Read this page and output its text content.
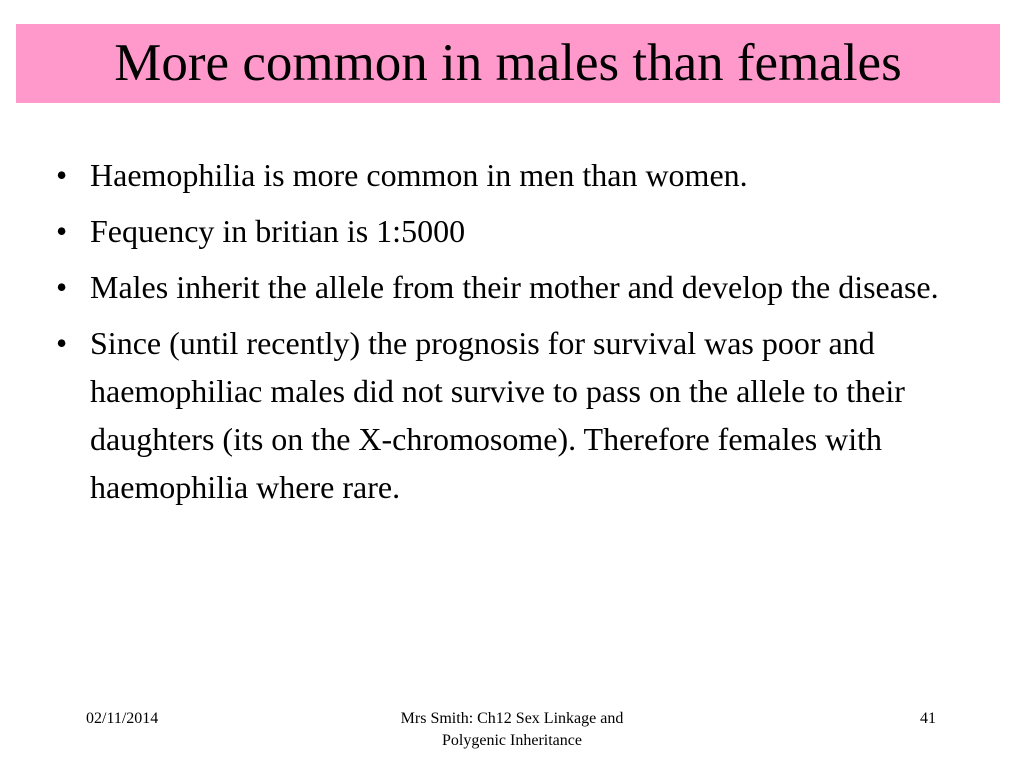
More common in males than females
• Haemophilia is more common in men than women.
• Fequency in britian is 1:5000
• Males inherit the allele from their mother and develop the disease.
• Since (until recently) the prognosis for survival was poor and haemophiliac males did not survive to pass on the allele to their daughters (its on the X-chromosome). Therefore females with haemophilia where rare.
02/11/2014	Mrs Smith: Ch12 Sex Linkage and
Polygenic Inheritance
41
